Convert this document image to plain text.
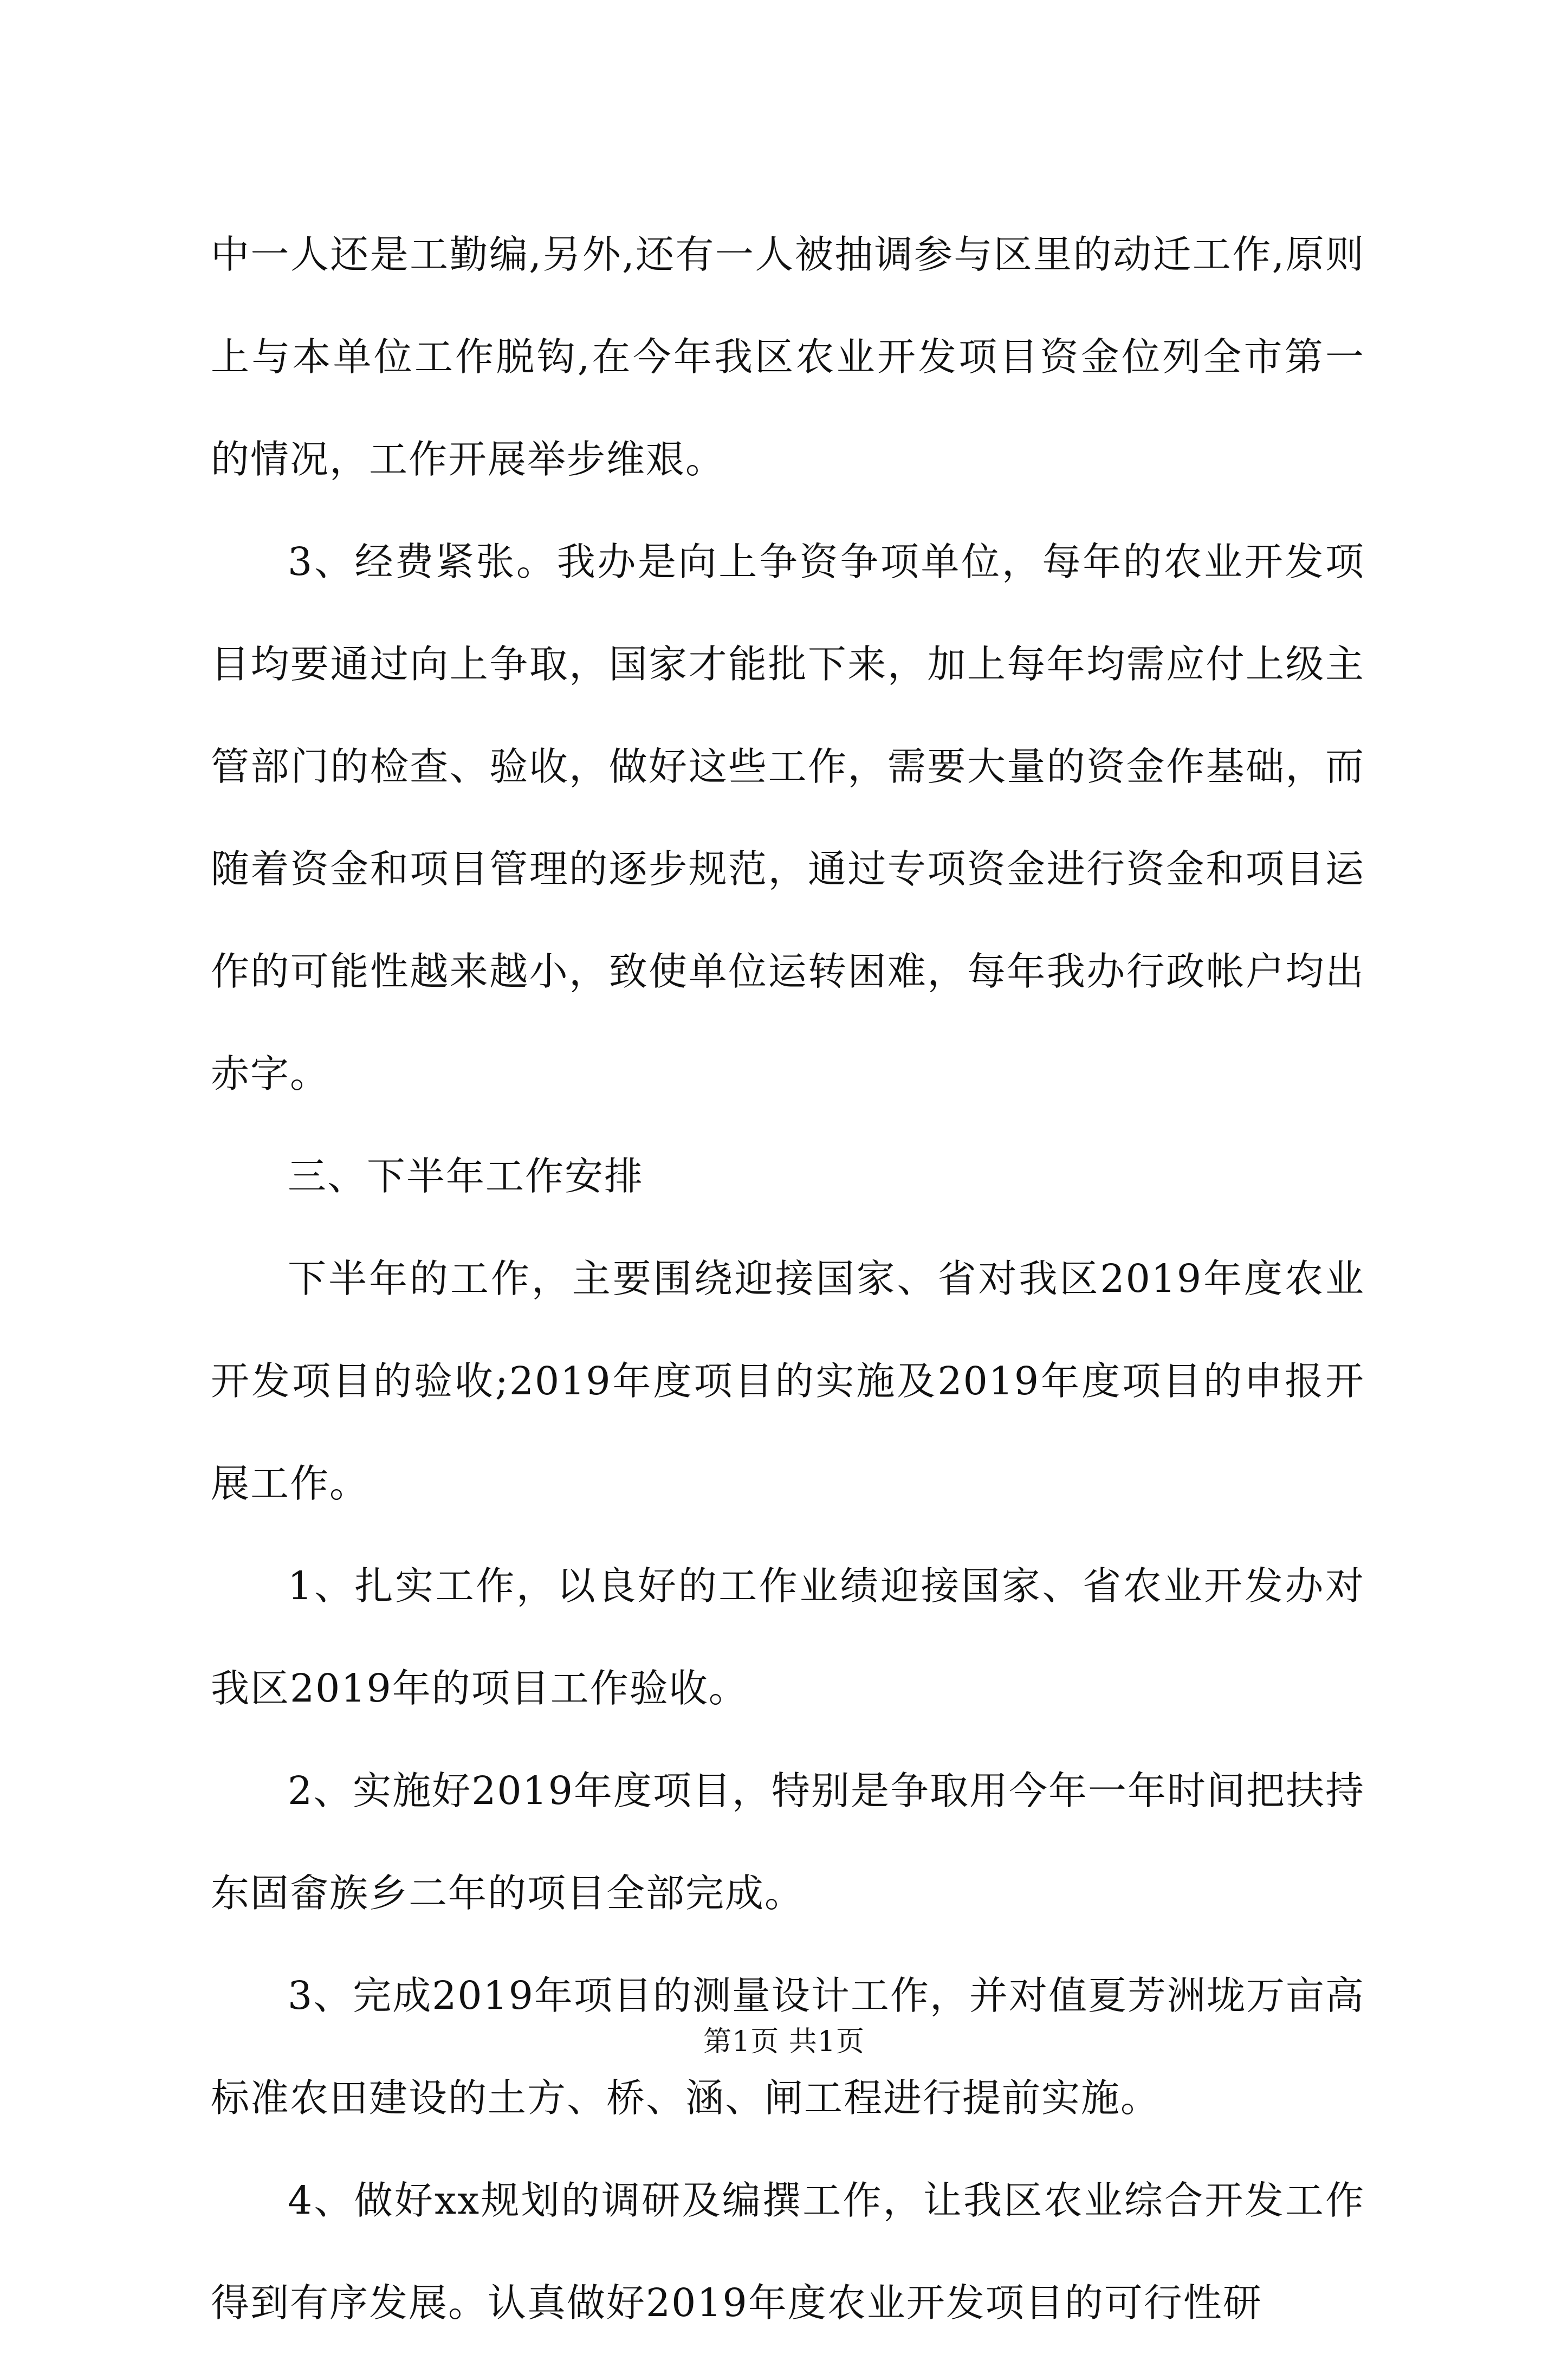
中一人还是工勤编,另外,还有一人被抽调参与区里的动迁工作,原则上与本单位工作脱钩,在今年我区农业开发项目资金位列全市第一的情况，工作开展举步维艰。

3、经费紧张。我办是向上争资争项单位，每年的农业开发项目均要通过向上争取，国家才能批下来，加上每年均需应付上级主管部门的检查、验收，做好这些工作，需要大量的资金作基础，而随着资金和项目管理的逐步规范，通过专项资金进行资金和项目运作的可能性越来越小，致使单位运转困难，每年我办行政帐户均出赤字。

三、下半年工作安排

下半年的工作，主要围绕迎接国家、省对我区2019年度农业开发项目的验收;2019年度项目的实施及2019年度项目的申报开展工作。

1、扎实工作，以良好的工作业绩迎接国家、省农业开发办对我区2019年的项目工作验收。

2、实施好2019年度项目，特别是争取用今年一年时间把扶持东固畲族乡二年的项目全部完成。

3、完成2019年项目的测量设计工作，并对值夏芳洲垅万亩高标准农田建设的土方、桥、涵、闸工程进行提前实施。

4、做好xx规划的调研及编撰工作，让我区农业综合开发工作得到有序发展。认真做好2019年度农业开发项目的可行性研

第1页 共1页
